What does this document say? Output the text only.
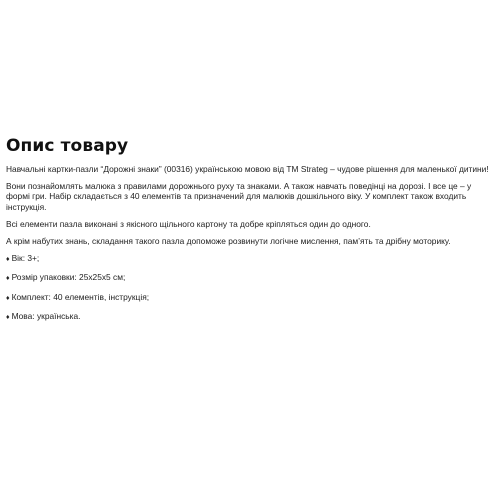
Опис товару

Навчальні картки-пазли “Дорожні знаки” (00316) українською мовою від ТМ Strateg – чудове рішення для маленької дитини!

Вони познайомлять малюка з правилами дорожнього руху та знаками. А також навчать поведінці на дорозі. І все це – у формі гри. Набір складається з 40 елементів та призначений для малюків дошкільного віку. У комплект також входить інструкція.

Всі елементи пазла виконані з якісного щільного картону та добре кріпляться один до одного.

А крім набутих знань, складання такого пазла допоможе розвинути логічне мислення, пам’ять та дрібну моторику.

♦ Вік: 3+;
♦ Розмір упаковки: 25х25х5 см;
♦ Комплект: 40 елементів, інструкція;
♦ Мова: українська.
